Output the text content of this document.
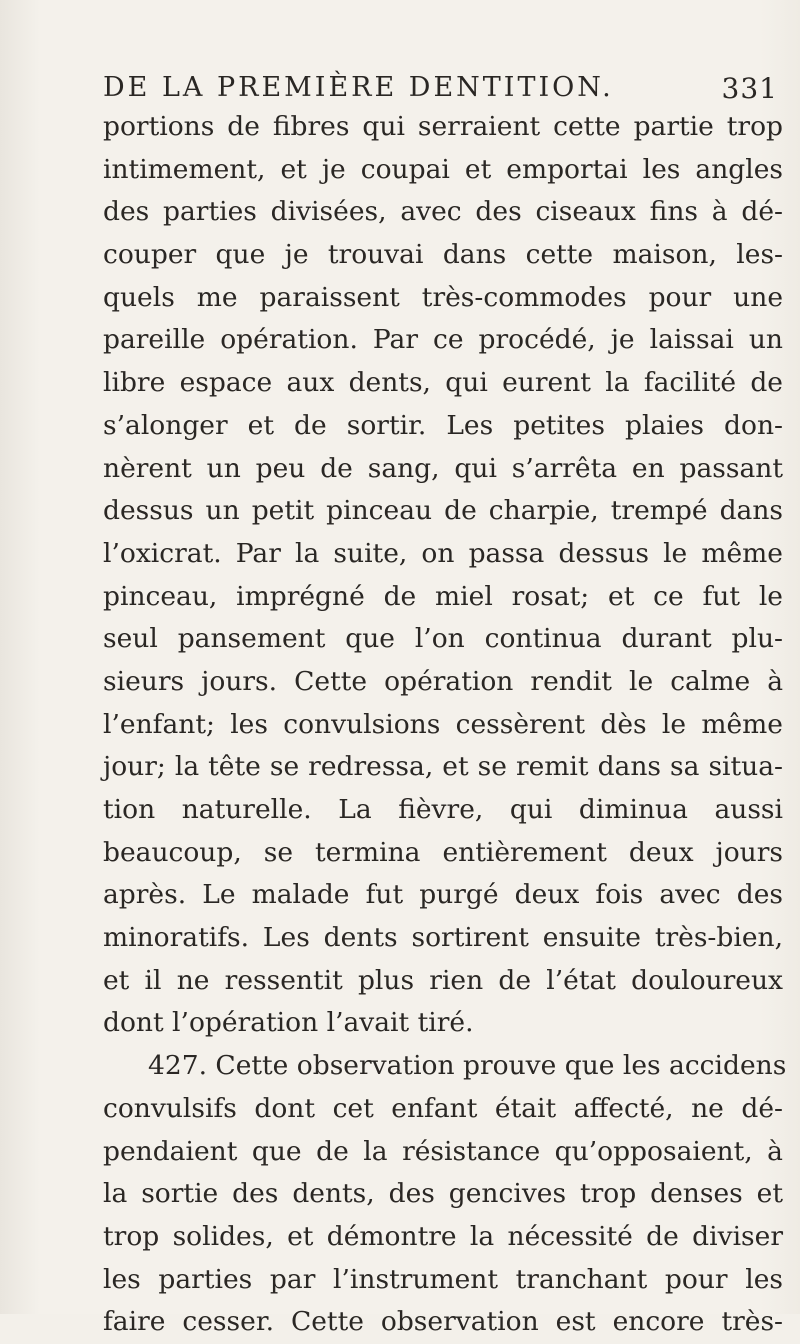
DE LA PREMIÈRE DENTITION.	331
portions de fibres qui serraient cette partie trop
intimement, et je coupai et emportai les angles
des parties divisées, avec des ciseaux fins à dé-
couper que je trouvai dans cette maison, les-
quels me paraissent très-commodes pour une
pareille opération. Par ce procédé, je laissai un
libre espace aux dents, qui eurent la facilité de
s’alonger et de sortir. Les petites plaies don-
nèrent un peu de sang, qui s’arrêta en passant
dessus un petit pinceau de charpie, trempé dans
l’oxicrat. Par la suite, on passa dessus le même
pinceau, imprégné de miel rosat; et ce fut le
seul pansement que l’on continua durant plu-
sieurs jours. Cette opération rendit le calme à
l’enfant; les convulsions cessèrent dès le même
jour; la tête se redressa, et se remit dans sa situa-
tion naturelle. La fièvre, qui diminua aussi
beaucoup, se termina entièrement deux jours
après. Le malade fut purgé deux fois avec des
minoratifs. Les dents sortirent ensuite très-bien,
et il ne ressentit plus rien de l’état douloureux
dont l’opération l’avait tiré.
427. Cette observation prouve que les accidens
convulsifs dont cet enfant était affecté, ne dé-
pendaient que de la résistance qu’opposaient, à
la sortie des dents, des gencives trop denses et
trop solides, et démontre la nécessité de diviser
les parties par l’instrument tranchant pour les
faire cesser. Cette observation est encore très-
